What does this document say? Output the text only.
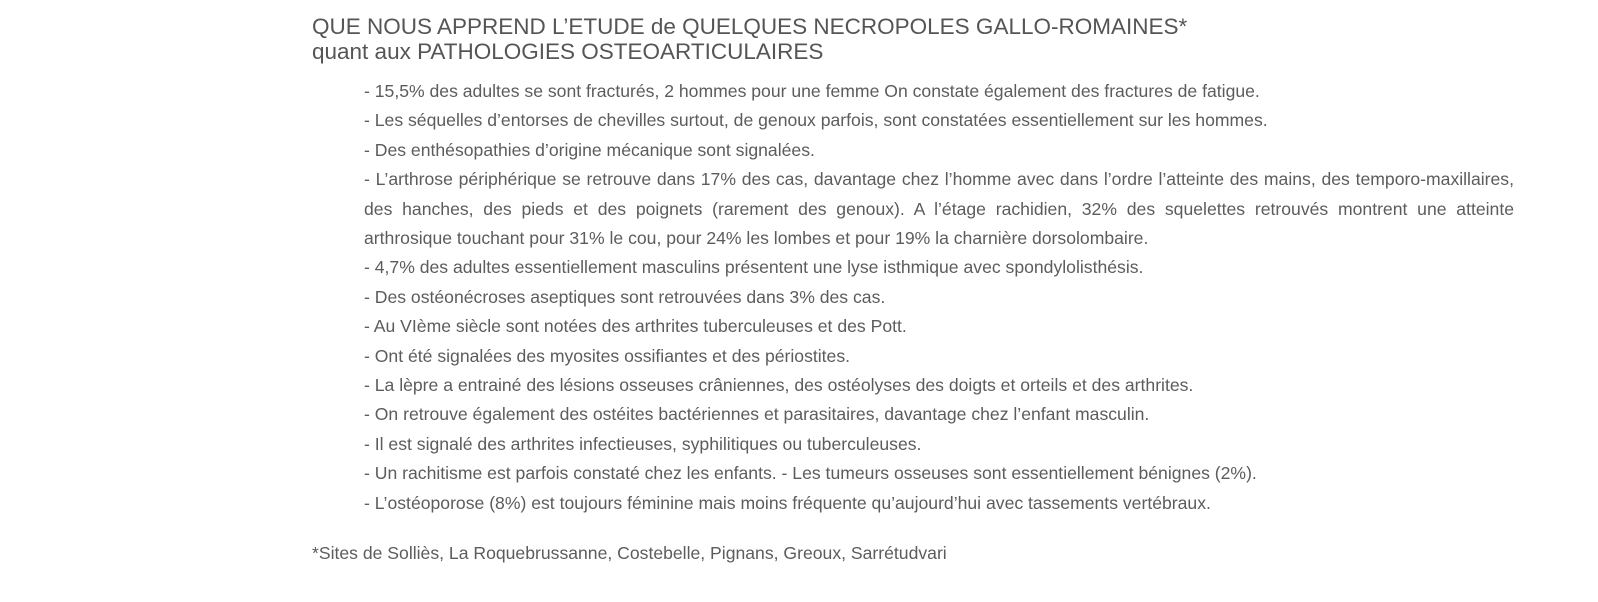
QUE NOUS APPREND L’ETUDE de QUELQUES NECROPOLES GALLO-ROMAINES*
quant aux PATHOLOGIES OSTEOARTICULAIRES
- 15,5% des adultes se sont fracturés, 2 hommes pour une femme On constate également des fractures de fatigue.
- Les séquelles d’entorses de chevilles surtout, de genoux parfois, sont constatées essentiellement sur les hommes.
- Des enthésopathies d’origine mécanique sont signalées.
- L’arthrose périphérique se retrouve dans 17% des cas, davantage chez l’homme avec dans l’ordre l’atteinte des mains, des temporo-maxillaires, des hanches, des pieds et des poignets (rarement des genoux). A l’étage rachidien, 32% des squelettes retrouvés montrent une atteinte arthrosique touchant pour 31% le cou, pour 24% les lombes et pour 19% la charnière dorsolombaire.
- 4,7% des adultes essentiellement masculins présentent une lyse isthmique avec spondylolisthésis.
- Des ostéonécroses aseptiques sont retrouvées dans 3% des cas.
- Au VIème siècle sont notées des arthrites tuberculeuses et des Pott.
- Ont été signalées des myosites ossifiantes et des périostites.
- La lèpre a entrainé des lésions osseuses crâniennes, des ostéolyses des doigts et orteils et des arthrites.
- On retrouve également des ostéites bactériennes et parasitaires, davantage chez l’enfant masculin.
- Il est signalé des arthrites infectieuses, syphilitiques ou tuberculeuses.
- Un rachitisme est parfois constaté chez les enfants. - Les tumeurs osseuses sont essentiellement bénignes (2%).
- L’ostéoporose (8%) est toujours féminine mais moins fréquente qu’aujourd’hui avec tassements vertébraux.

*Sites de Solliès, La Roquebrussanne, Costebelle, Pignans, Greoux, Sarrétudvari
